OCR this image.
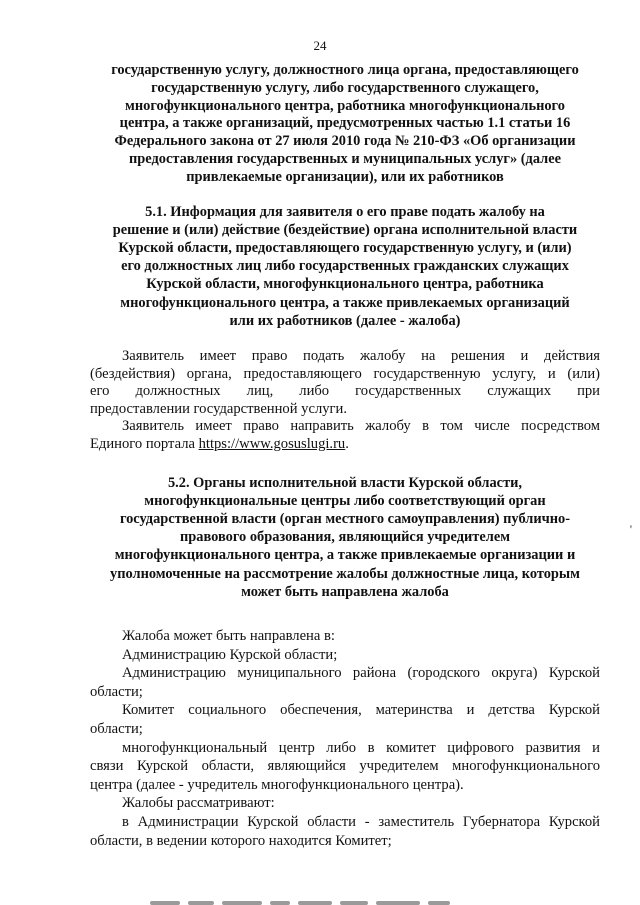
24
государственную услугу, должностного лица органа, предоставляющего
государственную услугу, либо государственного служащего,
многофункционального центра, работника многофункционального
центра, а также организаций, предусмотренных частью 1.1 статьи 16
Федерального закона от 27 июля 2010 года № 210-ФЗ «Об организации
предоставления государственных и муниципальных услуг» (далее
привлекаемые организации), или их работников
5.1. Информация для заявителя о его праве подать жалобу на
решение и (или) действие (бездействие) органа исполнительной власти
Курской области, предоставляющего государственную услугу, и (или)
его должностных лиц либо государственных гражданских служащих
Курской области, многофункционального центра, работника
многофункционального центра, а также привлекаемых организаций
или их работников (далее - жалоба)
Заявитель имеет право подать жалобу на решения и действия
(бездействия) органа, предоставляющего государственную услугу, и (или)
его должностных лиц, либо государственных служащих при
предоставлении государственной услуги.
Заявитель имеет право направить жалобу в том числе посредством
Единого портала https://www.gosuslugi.ru.
5.2. Органы исполнительной власти Курской области,
многофункциональные центры либо соответствующий орган
государственной власти (орган местного самоуправления) публично-
правового образования, являющийся учредителем
многофункционального центра, а также привлекаемые организации и
уполномоченные на рассмотрение жалобы должностные лица, которым
может быть направлена жалоба
Жалоба может быть направлена в:
Администрацию Курской области;
Администрацию муниципального района (городского округа) Курской
области;
Комитет социального обеспечения, материнства и детства Курской
области;
многофункциональный центр либо в комитет цифрового развития и
связи Курской области, являющийся учредителем многофункционального
центра (далее - учредитель многофункционального центра).
Жалобы рассматривают:
в Администрации Курской области - заместитель Губернатора Курской
области, в ведении которого находится Комитет;
'
